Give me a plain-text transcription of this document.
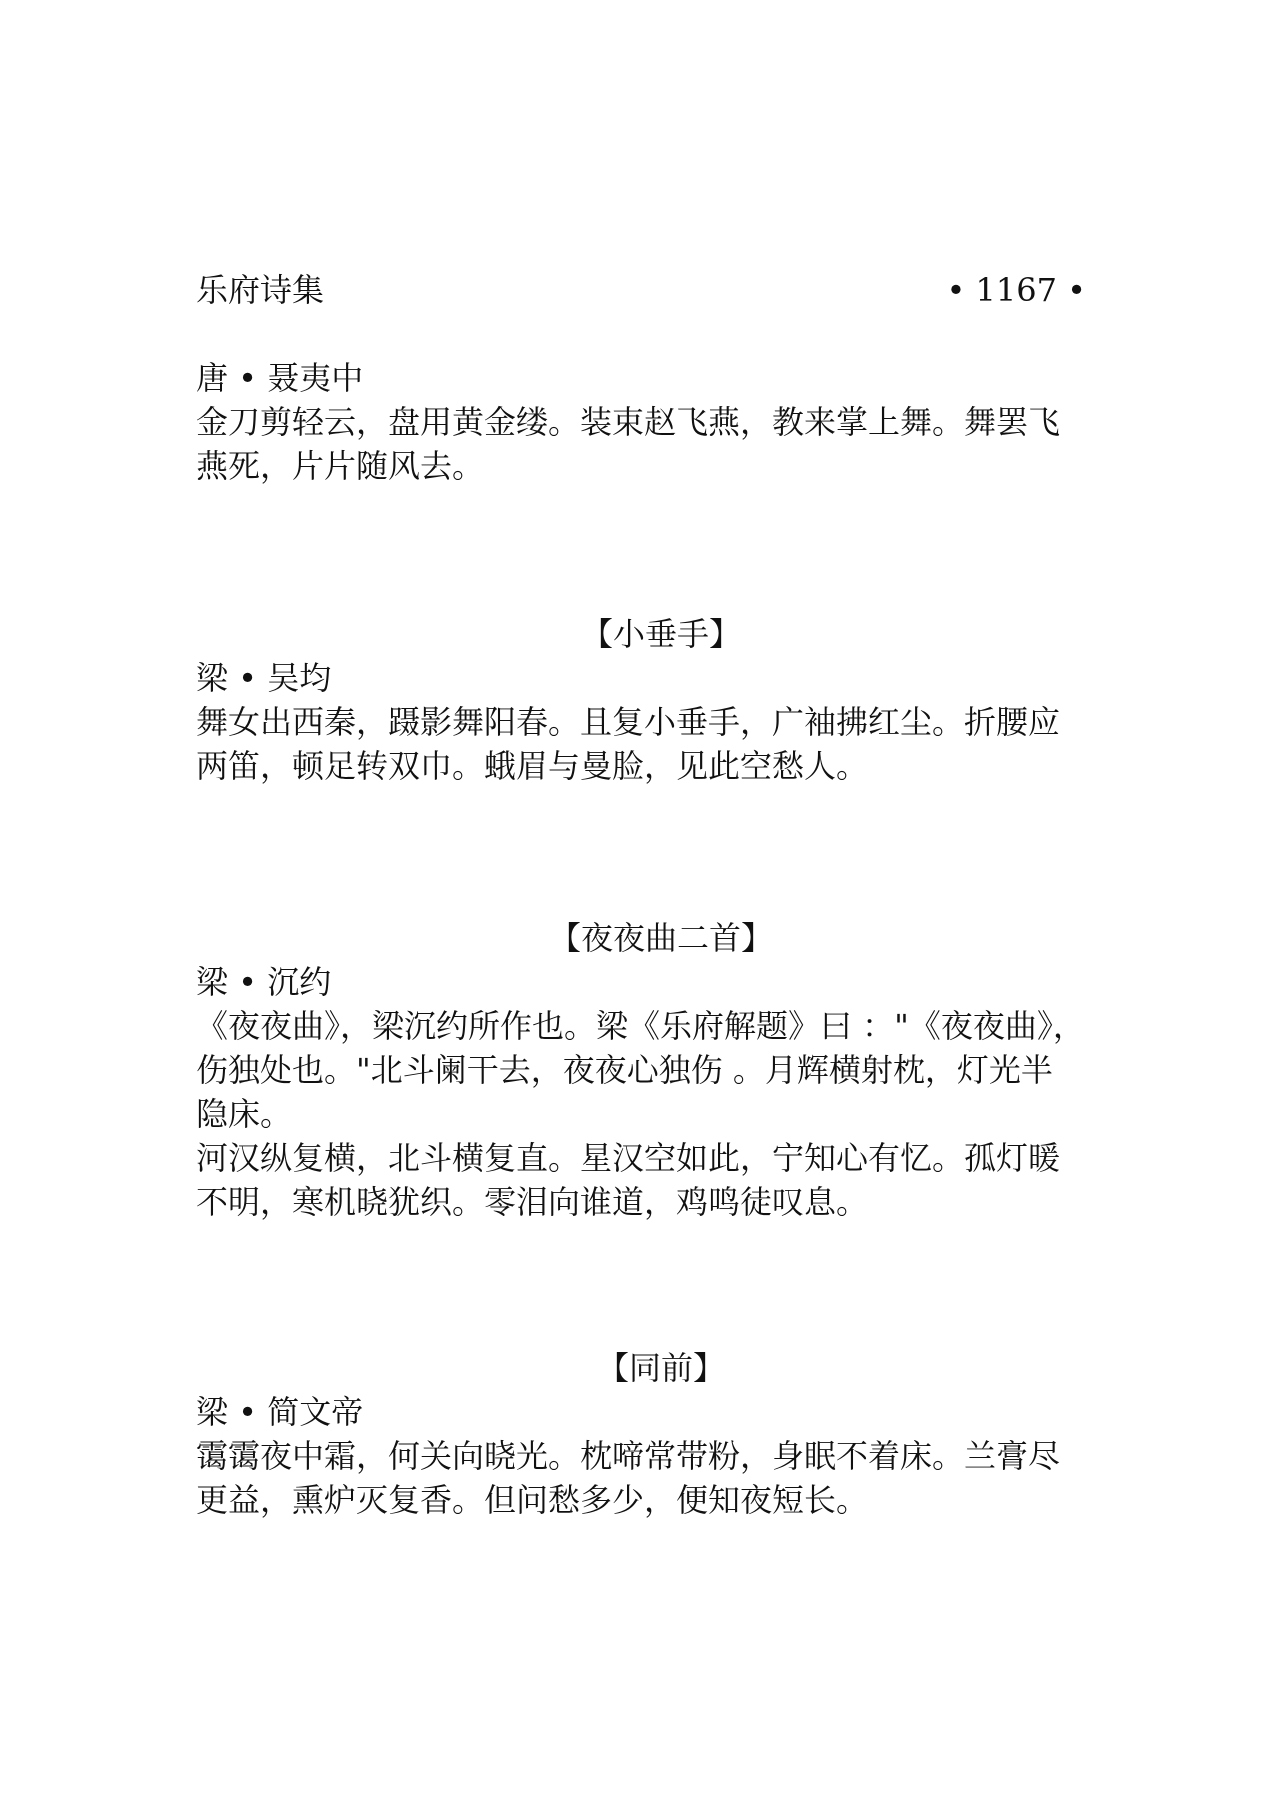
乐府诗集	• 1167 •
唐 • 聂夷中
金刀剪轻云，盘用黄金缕。装束赵飞燕，教来掌上舞。舞罢飞
燕死，片片随风去。
【小垂手】
梁 • 吴均
舞女出西秦，蹑影舞阳春。且复小垂手，广袖拂红尘。折腰应
两笛，顿足转双巾。蛾眉与曼脸，见此空愁人。
【夜夜曲二首】
梁 • 沉约
《夜夜曲》，梁沉约所作也。梁《乐府解题》曰 ："《夜夜曲》，
伤独处也。"北斗阑干去，夜夜心独伤 。月辉横射枕，灯光半
隐床。
河汉纵复横，北斗横复直。星汉空如此，宁知心有忆。孤灯暖
不明，寒机晓犹织。零泪向谁道，鸡鸣徒叹息。
【同前】
梁 • 简文帝
霭霭夜中霜，何关向晓光。枕啼常带粉，身眠不着床。兰膏尽
更益，熏炉灭复香。但问愁多少，便知夜短长。
